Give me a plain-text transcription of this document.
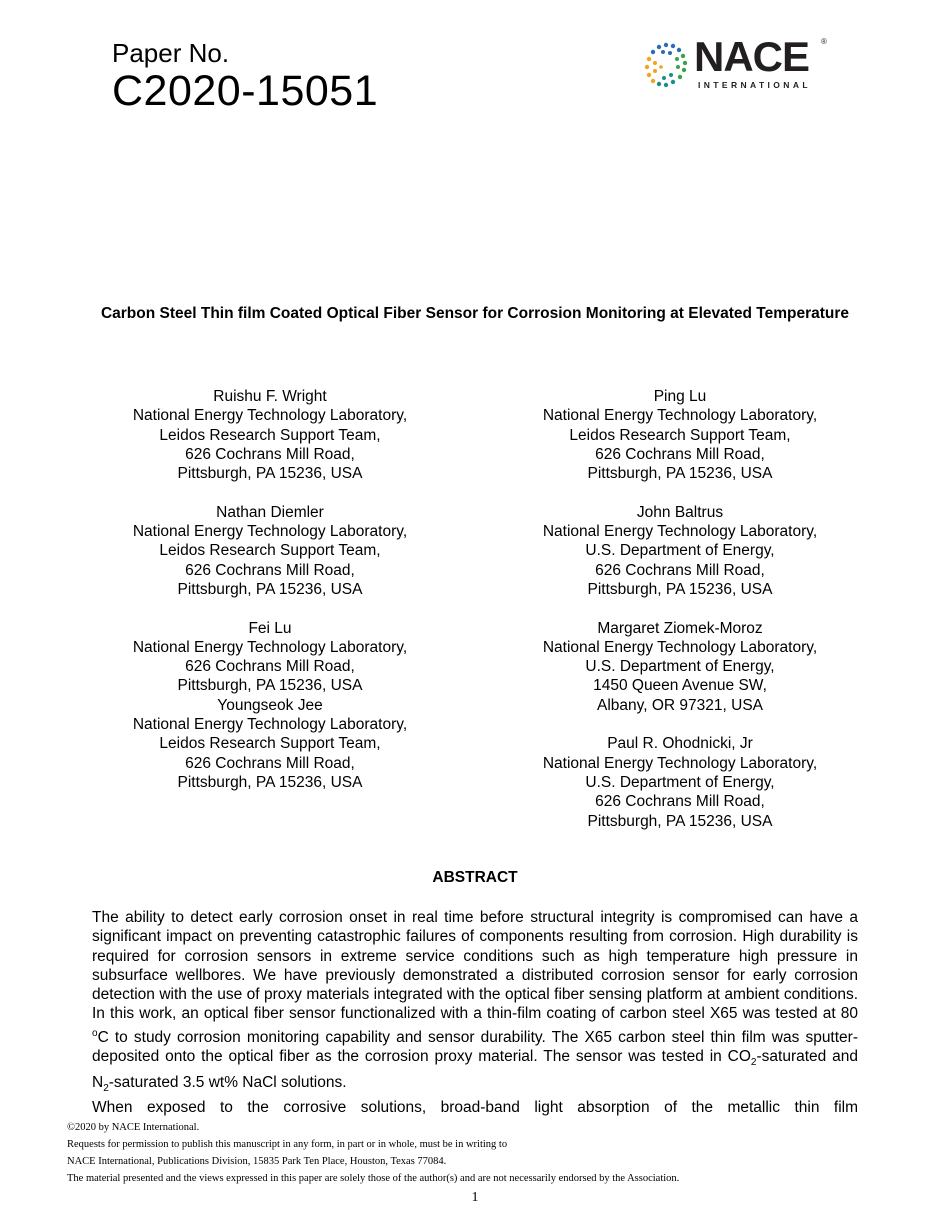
Paper No.
C2020-15051
NACE ®
INTERNATIONAL
Carbon Steel Thin film Coated Optical Fiber Sensor for Corrosion Monitoring at Elevated Temperature
Ruishu F. Wright
National Energy Technology Laboratory,
Leidos Research Support Team,
626 Cochrans Mill Road,
Pittsburgh, PA 15236, USA
Nathan Diemler
National Energy Technology Laboratory,
Leidos Research Support Team,
626 Cochrans Mill Road,
Pittsburgh, PA 15236, USA
Fei Lu
National Energy Technology Laboratory,
626 Cochrans Mill Road,
Pittsburgh, PA 15236, USA
Youngseok Jee
National Energy Technology Laboratory,
Leidos Research Support Team,
626 Cochrans Mill Road,
Pittsburgh, PA 15236, USA
Ping Lu
National Energy Technology Laboratory,
Leidos Research Support Team,
626 Cochrans Mill Road,
Pittsburgh, PA 15236, USA
John Baltrus
National Energy Technology Laboratory,
U.S. Department of Energy,
626 Cochrans Mill Road,
Pittsburgh, PA 15236, USA
Margaret Ziomek-Moroz
National Energy Technology Laboratory,
U.S. Department of Energy,
1450 Queen Avenue SW,
Albany, OR 97321, USA
Paul R. Ohodnicki, Jr
National Energy Technology Laboratory,
U.S. Department of Energy,
626 Cochrans Mill Road,
Pittsburgh, PA 15236, USA
ABSTRACT
The ability to detect early corrosion onset in real time before structural integrity is compromised can have a significant impact on preventing catastrophic failures of components resulting from corrosion. High durability is required for corrosion sensors in extreme service conditions such as high temperature high pressure in subsurface wellbores. We have previously demonstrated a distributed corrosion sensor for early corrosion detection with the use of proxy materials integrated with the optical fiber sensing platform at ambient conditions. In this work, an optical fiber sensor functionalized with a thin-film coating of carbon steel X65 was tested at 80 $^o$C to study corrosion monitoring capability and sensor durability. The X65 carbon steel thin film was sputter-deposited onto the optical fiber as the corrosion proxy material. The sensor was tested in $CO_2$-saturated and $N_2$-saturated 3.5 wt% NaCl solutions.
When exposed to the corrosive solutions, broad-band light absorption of the metallic thin film
©2020 by NACE International.
Requests for permission to publish this manuscript in any form, in part or in whole, must be in writing to
NACE International, Publications Division, 15835 Park Ten Place, Houston, Texas 77084.
The material presented and the views expressed in this paper are solely those of the author(s) and are not necessarily endorsed by the Association.
1
